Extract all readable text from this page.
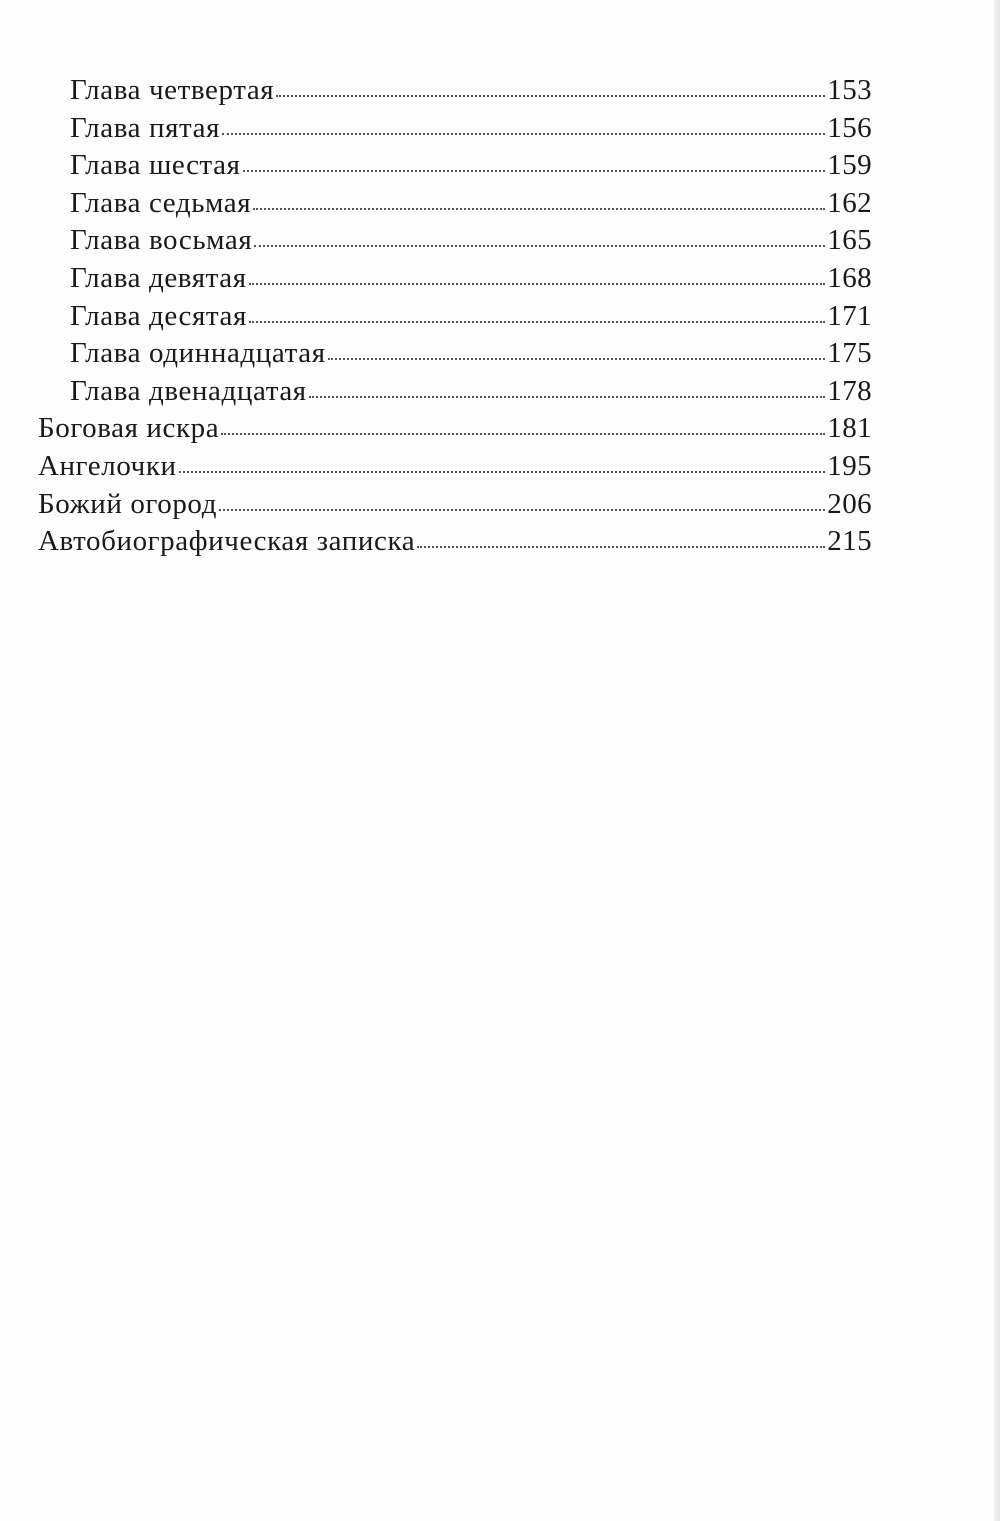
Глава четвертая	153
Глава пятая	156
Глава шестая	159
Глава седьмая	162
Глава восьмая	165
Глава девятая	168
Глава десятая	171
Глава одиннадцатая	175
Глава двенадцатая	178
Боговая искра	181
Ангелочки	195
Божий огород	206
Автобиографическая записка	215
